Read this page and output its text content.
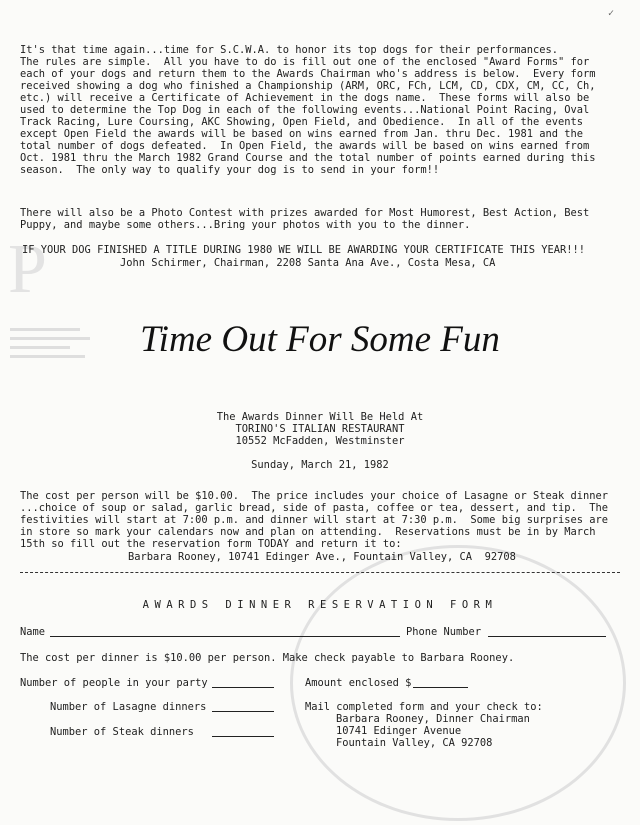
P
✓
It's that time again...time for S.C.W.A. to honor its top dogs for their performances.
The rules are simple.  All you have to do is fill out one of the enclosed "Award Forms" for
each of your dogs and return them to the Awards Chairman who's address is below.  Every form
received showing a dog who finished a Championship (ARM, ORC, FCh, LCM, CD, CDX, CM, CC, Ch,
etc.) will receive a Certificate of Achievement in the dogs name.  These forms will also be
used to determine the Top Dog in each of the following events...National Point Racing, Oval
Track Racing, Lure Coursing, AKC Showing, Open Field, and Obedience.  In all of the events
except Open Field the awards will be based on wins earned from Jan. thru Dec. 1981 and the
total number of dogs defeated.  In Open Field, the awards will be based on wins earned from
Oct. 1981 thru the March 1982 Grand Course and the total number of points earned during this
season.  The only way to qualify your dog is to send in your form!!
There will also be a Photo Contest with prizes awarded for Most Humorest, Best Action, Best
Puppy, and maybe some others...Bring your photos with you to the dinner.
IF YOUR DOG FINISHED A TITLE DURING 1980 WE WILL BE AWARDING YOUR CERTIFICATE THIS YEAR!!!
John Schirmer, Chairman, 2208 Santa Ana Ave., Costa Mesa, CA
Time Out For Some Fun
The Awards Dinner Will Be Held At
TORINO'S ITALIAN RESTAURANT
10552 McFadden, Westminster
Sunday, March 21, 1982
The cost per person will be $10.00.  The price includes your choice of Lasagne or Steak dinner
...choice of soup or salad, garlic bread, side of pasta, coffee or tea, dessert, and tip.  The
festivities will start at 7:00 p.m. and dinner will start at 7:30 p.m.  Some big surprises are
in store so mark your calendars now and plan on attending.  Reservations must be in by March
15th so fill out the reservation form TODAY and return it to:
Barbara Rooney, 10741 Edinger Ave., Fountain Valley, CA  92708
AWARDS DINNER RESERVATION FORM
Name	Phone Number
The cost per dinner is $10.00 per person. Make check payable to Barbara Rooney.
Number of people in your party	Amount enclosed $
Number of Lasagne dinners
Number of Steak dinners
Mail completed form and your check to:
Barbara Rooney, Dinner Chairman
10741 Edinger Avenue
Fountain Valley, CA 92708
